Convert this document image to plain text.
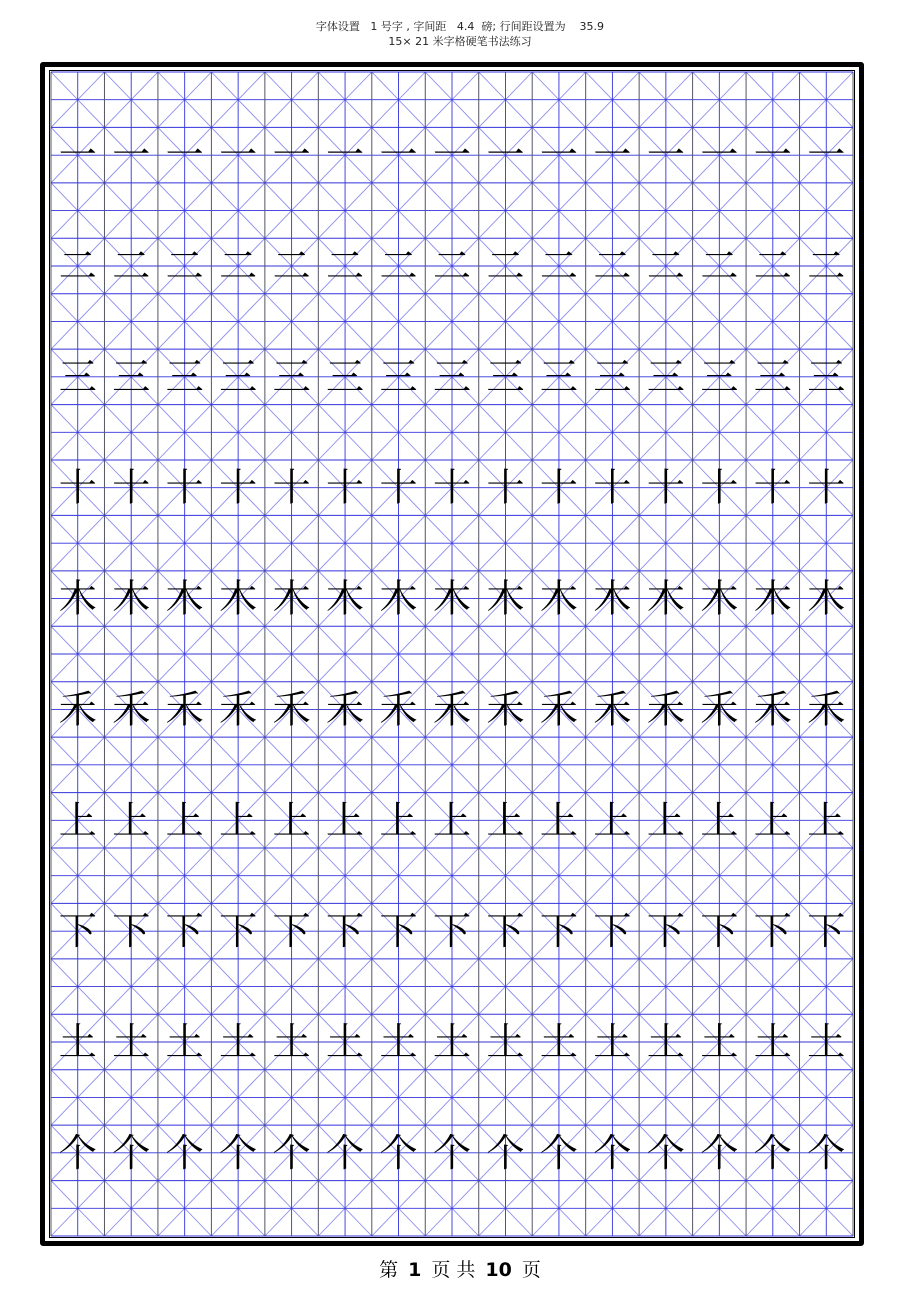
字体设置   1 号字 , 字间距   4.4  磅; 行间距设置为    35.9
15× 21 米字格硬笔书法练习
一 一 一 一 一 一 一 一 一 一 一 一 一 一 一
二 二 二 二 二 二 二 二 二 二 二 二 二 二 二
三 三 三 三 三 三 三 三 三 三 三 三 三 三 三
十 十 十 十 十 十 十 十 十 十 十 十 十 十 十
木 木 木 木 木 木 木 木 木 木 木 木 木 木 木
禾 禾 禾 禾 禾 禾 禾 禾 禾 禾 禾 禾 禾 禾 禾
上 上 上 上 上 上 上 上 上 上 上 上 上 上 上
下 下 下 下 下 下 下 下 下 下 下 下 下 下 下
土 土 土 土 土 土 土 土 土 土 土 土 土 土 土
个 个 个 个 个 个 个 个 个 个 个 个 个 个 个
第 1 页 共 10 页
